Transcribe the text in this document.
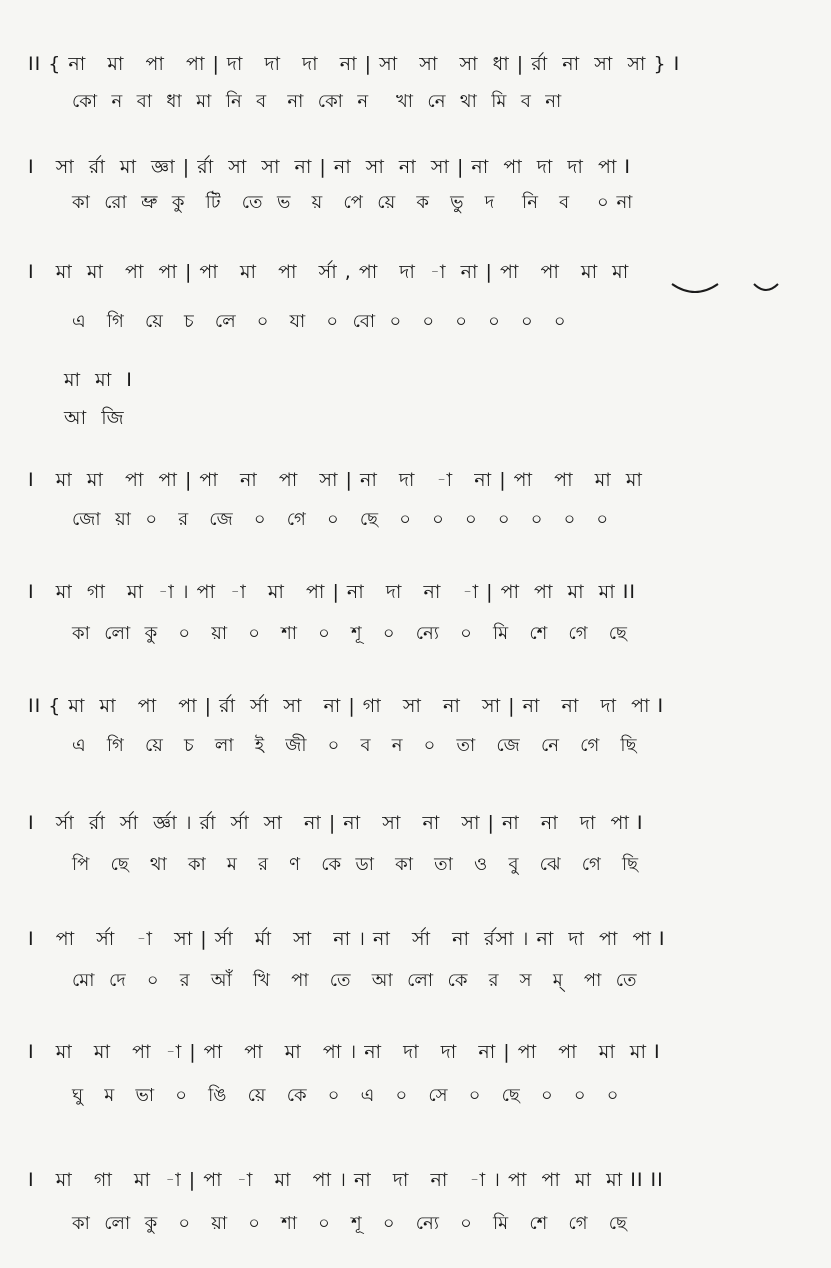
II { না   মা   পা   পা | দা   দা   দা   না | সা   সা   সা  ধা | র্রা  না  সা  সা } I
কো  ন  বা  ধা  মা  নি  ব   না  কো  ন    খা  নে  থা  মি  ব  না
I   সা  র্রা  মা  জ্ঞা | র্রা  সা  সা  না | না  সা  না  সা | না  পা  দা  দা  পা I
কা  রো  ভ্রু  কু   টি   তে  ভ   য়   পে  য়ে   ক   ভু   দ    নি   ব    ০ না
I   মা  মা   পা  পা | পা   মা   পা   র্সা , পা   দা  -া  না | পা   পা   মা  মা
এ   গি   য়ে   চ   লে   ০   যা   ০  বো  ০   ০   ০   ০   ০   ০
মা  মা  I
আ  জি
I   মা  মা   পা  পা | পা   না   পা   সা | না   দা   -া   না | পা   পা   মা  মা
জো  য়া  ০   র   জে   ০   গে   ০   ছে   ০   ০   ০   ০   ০   ০   ০
I   মা  গা   মা  -া । পা  -া   মা   পা | না   দা   না   -া | পা  পা  মা  মা II
কা  লো  কু   ০   য়া   ০   শা   ০   শূ   ০   ন্যে   ০   মি   শে   গে   ছে
II { মা  মা   পা   পা | র্রা  র্সা  সা   না | গা   সা   না   সা | না   না   দা  পা I
এ   গি   য়ে   চ   লা   ই   জী   ০   ব   ন   ০   তা   জে   নে   গে   ছি
I   র্সা  র্রা  র্সা  র্জ্ঞা । র্রা  র্সা  সা   না | না   সা   না   সা | না   না   দা  পা I
পি   ছে   থা   কা   ম   র   ণ   কে  ডা   কা   তা   ও   বু   ঝে   গে   ছি
I   পা   র্সা   -া   সা | র্সা   র্মা   সা   না । না   র্সা   না  র্রসা । না  দা  পা  পা I
মো  দে   ০   র   আঁ   খি   পা   তে   আ  লো  কে   র   স   ম্   পা  তে
I   মা   মা   পা  -া | পা   পা   মা   পা । না   দা   দা   না | পা   পা   মা  মা I
ঘু   ম   ভা   ০   ঙি   য়ে   কে   ০   এ   ০   সে   ০   ছে   ০   ০   ০
I   মা   গা   মা  -া | পা  -া   মা   পা । না   দা   না   -া । পা  পা  মা  মা II II
কা  লো  কু   ০   য়া   ০   শা   ০   শূ   ০   ন্যে   ০   মি   শে   গে   ছে
